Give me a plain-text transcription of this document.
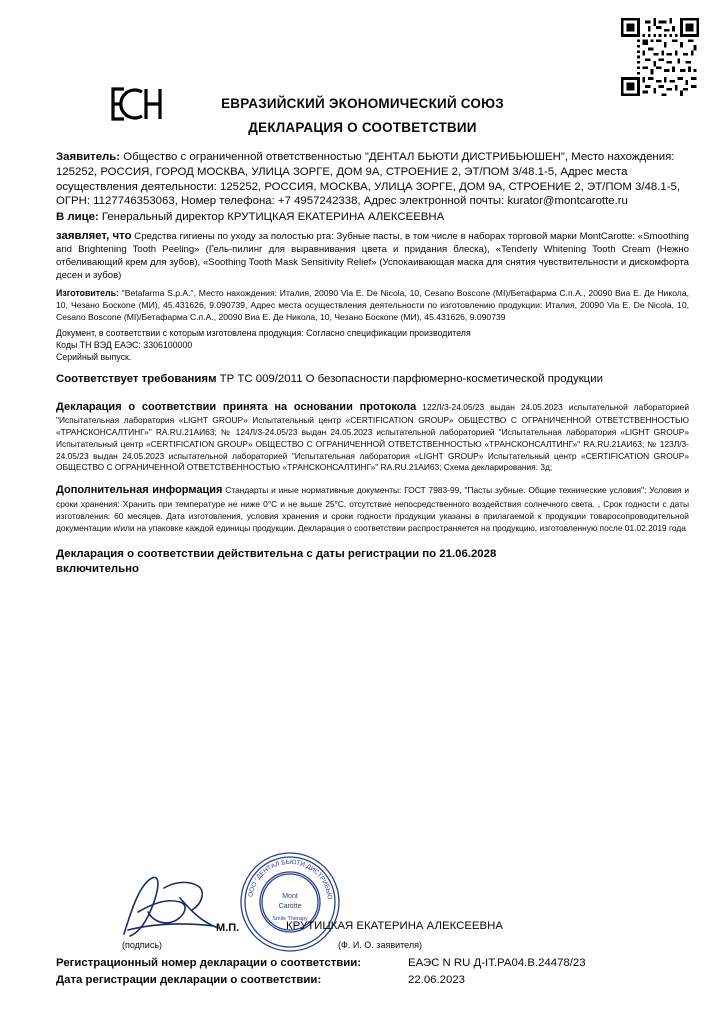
ЕВРАЗИЙСКИЙ ЭКОНОМИЧЕСКИЙ СОЮЗ
ДЕКЛАРАЦИЯ О СООТВЕТСТВИИ
Заявитель: Общество с ограниченной ответственностью "ДЕНТАЛ БЬЮТИ ДИСТРИБЬЮШЕН", Место нахождения: 125252, РОССИЯ, ГОРОД МОСКВА, УЛИЦА ЗОРГЕ, ДОМ 9А, СТРОЕНИЕ 2, ЭТ/ПОМ 3/48.1-5, Адрес места осуществления деятельности: 125252, РОССИЯ, МОСКВА, УЛИЦА ЗОРГЕ, ДОМ 9А, СТРОЕНИЕ 2, ЭТ/ПОМ 3/48.1-5, ОГРН: 1127746353063, Номер телефона: +7 4957242338, Адрес электронной почты: kurator@montcarotte.ru
В лице: Генеральный директор КРУТИЦКАЯ ЕКАТЕРИНА АЛЕКСЕЕВНА
заявляет, что Средства гигиены по уходу за полостью рта: Зубные пасты, в том числе в наборах торговой марки MontCarotte: «Smoothing and Brightening Tooth Peeling» (Гель-пилинг для выравнивания цвета и придания блеска), «Tenderly Whitening Tooth Cream (Нежно отбеливающий крем для зубов), «Soothing Tooth Mask Sensitivity Relief» (Успокаивающая маска для снятия чувствительности и дискомфорта десен и зубов)
Изготовитель: "Betafarma S.p.A.", Место нахождения: Италия, 20090 Via E. De Nicola, 10, Cesano Boscone (MI)/Бетафарма С.п.А., 20090 Виа Е. Де Никола, 10, Чезано Боскone (МИ), 45.431626, 9.090739, Адрес места осуществления деятельности по изготовлению продукции: Италия, 20090 Via E. De Nicola, 10, Cesano Boscone (MI)/Бетафарма С.п.А., 20090 Виа Е. Де Никола, 10, Чезано Боскone (МИ), 45.431626, 9.090739
Документ, в соответствии с которым изготовлена продукция: Согласно спецификации производителя
Коды ТН ВЭД ЕАЭС: 3306100000
Серийный выпуск.
Соответствует требованиям ТР ТС 009/2011 О безопасности парфюмерно-косметической продукции
Декларация о соответствии принята на основании протокола 122Л/3-24.05/23 выдан 24.05.2023 испытательной лабораторией "Испытательная лаборатория «LIGHT GROUP» Испытательный центр «CERTIFICATION GROUP» ОБЩЕСТВО С ОГРАНИЧЕННОЙ ОТВЕТСТВЕННОСТЬЮ «ТРАНСКОНСАЛТИНГ»" RA.RU.21АИ63; № 124Л/3-24.05/23 выдан 24.05.2023 испытательной лабораторией "Испытательная лаборатория «LIGHT GROUP» Испытательный центр «CERTIFICATION GROUP» ОБЩЕСТВО С ОГРАНИЧЕННОЙ ОТВЕТСТВЕННОСТЬЮ «ТРАНСКОНСАЛТИНГ»" RA.RU.21АИ63; № 123Л/3-24.05/23 выдан 24.05.2023 испытательной лабораторией "Испытательная лаборатория «LIGHT GROUP» Испытательный центр «CERTIFICATION GROUP» ОБЩЕСТВО С ОГРАНИЧЕННОЙ ОТВЕТСТВЕННОСТЬЮ «ТРАНСКОНСАЛТИНГ»" RA.RU.21АИ63; Схема декларирования: 3д;
Дополнительная информация Стандарты и иные нормативные документы: ГОСТ 7983-99, "Пасты зубные. Общие технические условия"; Условия и сроки хранения: Хранить при температуре не ниже 0°С и не выше 25°С, отсутствие непосредственного воздействия солнечного света. , Срок годности с даты изготовления: 60 месяцев. Дата изготовления, условия хранения и сроки годности продукции указаны в прилагаемой к продукции товаросопроводительной документации и/или на упаковке каждой единицы продукции. Декларация о соответствии распространяется на продукцию, изготовленную после 01.02.2019 года
Декларация о соответствии действительна с даты регистрации по 21.06.2028
включительно
ООО "ДЕНТАЛ БЬЮТИ ДИСТРИБЬЮ
Mont
Carotte
Smile Therapy
М.П.	КРУТИЦКАЯ ЕКАТЕРИНА АЛЕКСЕЕВНА
(подпись)	(Ф. И. О. заявителя)
Регистрационный номер декларации о соответствии:	ЕАЭС N RU Д-IT.РА04.В.24478/23
Дата регистрации декларации о соответствии:	22.06.2023
